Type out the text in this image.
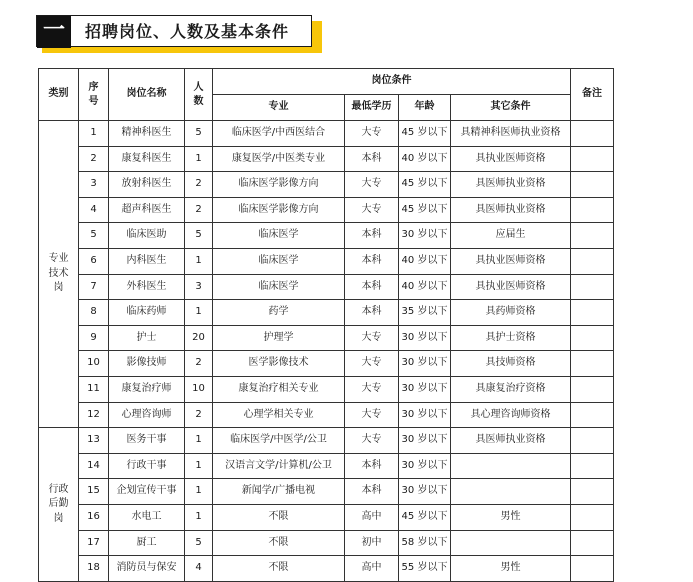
一	招聘岗位、人数及基本条件
类别	序号	岗位名称	人数	岗位条件				备注
				专业	最低学历	年龄	其它条件	
专业技术岗	1	精神科医生	5	临床医学/中西医结合	大专	45 岁以下	具精神科医师执业资格	
	2	康复科医生	1	康复医学/中医类专业	本科	40 岁以下	具执业医师资格	
	3	放射科医生	2	临床医学影像方向	大专	45 岁以下	具医师执业资格	
	4	超声科医生	2	临床医学影像方向	大专	45 岁以下	具医师执业资格	
	5	临床医助	5	临床医学	本科	30 岁以下	应届生	
	6	内科医生	1	临床医学	本科	40 岁以下	具执业医师资格	
	7	外科医生	3	临床医学	本科	40 岁以下	具执业医师资格	
	8	临床药师	1	药学	本科	35 岁以下	具药师资格	
	9	护士	20	护理学	大专	30 岁以下	具护士资格	
	10	影像技师	2	医学影像技术	大专	30 岁以下	具技师资格	
	11	康复治疗师	10	康复治疗相关专业	大专	30 岁以下	具康复治疗资格	
	12	心理咨询师	2	心理学相关专业	大专	30 岁以下	具心理咨询师资格	
行政后勤岗	13	医务干事	1	临床医学/中医学/公卫	大专	30 岁以下	具医师执业资格	
	14	行政干事	1	汉语言文学/计算机/公卫	本科	30 岁以下		
	15	企划宣传干事	1	新闻学/广播电视	本科	30 岁以下		
	16	水电工	1	不限	高中	45 岁以下	男性	
	17	厨工	5	不限	初中	58 岁以下		
	18	消防员与保安	4	不限	高中	55 岁以下	男性	
